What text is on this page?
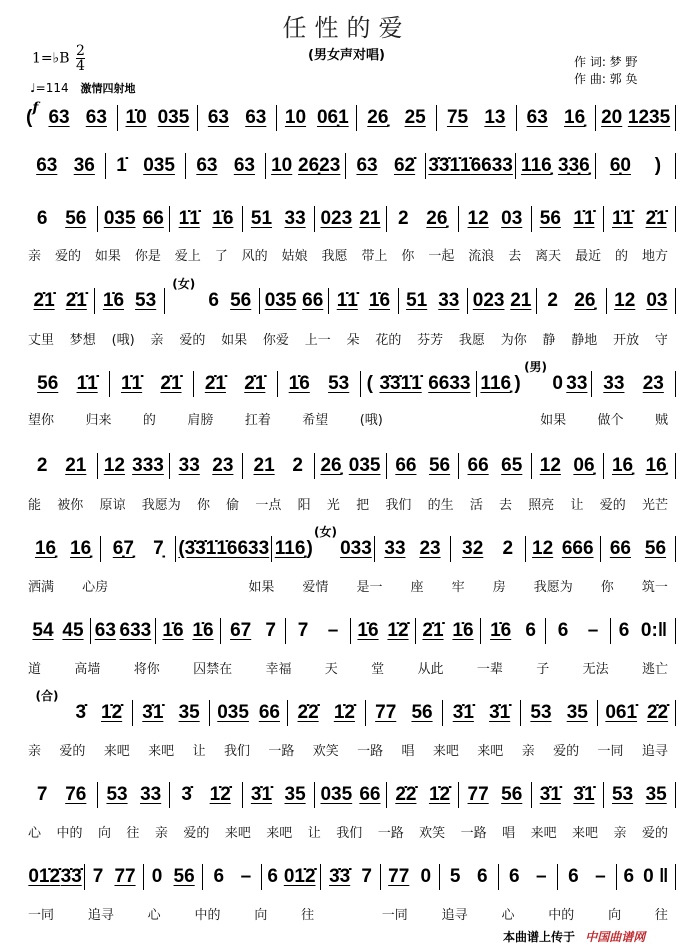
任性的爱
(男女声对唱)
1=♭B $\frac{2}{4}$
♩=114 激情四射地
作 词: 梦 野
作 曲: 郭 奂
( f 63 63 1̇0 035 63 63 10 06̣1 26̣ 25 75 13 63 16̣ 20 1235
63 36 1̇ 035 63 63 10 26̣23 63 62̇ 3̇3̇1̇1̇ 6633 116̣ 3̣3̣6̣ 6̣0 )
6 56 035 66 1̇1̇ 1̇6 51 33 023 21 2 26̣ 12 03 56 1̇1̇ 1̇1̇ 2̇1̇
亲 爱的 如果 你是 爱上 了 风的 姑娘 我愿 带上 你 一起 流浪 去 离天 最近 的 地方
2̇1̇ 2̇1̇ 1̇6 53
(女)
6 56 035 66 1̇1̇ 1̇6 51 33 023 21 2 26̣ 12 03
丈里 梦想 (哦) 亲 爱的 如果 你爱 上一 朵 花的 芬芳 我愿 为你 静 静地 开放 守
56 1̇1̇ 1̇1̇ 2̇1̇ 2̇1̇ 2̇1̇ 1̇6 53 ( 3̇3̇1̇1̇ 6633 116̣ )
(男)
0 33 33 23
望你 归来 的 肩膀 扛着 希望 (哦)	如果 做个 贼
2 21 12 333 33 23 21 2 26̣ 035 66 56 66 65 12 06̣ 16̣ 16̣
能 被你 原谅 我愿为 你 偷 一点 阳 光 把 我们 的生 活 去 照亮 让 爱的 光芒
16̣ 16̣ 6̣7̣ 7̣ (3̇3̇1̇1̇6633 116̣ )
(女)
033 33 23 32 2 12 666 66 56
洒满 心房	如果 爱情 是一 座 牢 房 我愿为 你 筑一
54 45 63 633 1̇6 1̇6 67 7 7 – 1̇6 1̇2̇ 2̇1̇ 1̇6 1̇6 6 6 – 6 0:‖
道	高墙	将你	囚禁在	幸福	天	堂	从此	一辈	子	无法	逃亡
(合)
3̇ 1̇2̇ 3̇1̇ 35 035 66 2̇2̇ 1̇2̇ 77 56 3̇1̇ 3̇1̇ 53 35 061̇ 2̇2̇
亲 爱的 来吧 来吧 让 我们 一路 欢笑 一路 唱 来吧 来吧 亲 爱的 一同 追寻
7 76 53 33 3̇ 1̇2̇ 3̇1̇ 35 035 66 2̇2̇ 1̇2̇ 77 56 3̇1̇ 3̇1̇ 53 35
心 中的 向 往 亲 爱的 来吧 来吧 让 我们 一路 欢笑 一路 唱 来吧 来吧 亲 爱的
01̇2̇ 3̇3̇ 7 77 0 56 6 – 6 01̇2̇ 3̇3̇ 7 77 0 5 6 6 – 6 – 6 0 ‖
一同	追寻	心	中的	向	往	一同	追寻	心	中的	向	往
本曲谱上传于 中国曲谱网
